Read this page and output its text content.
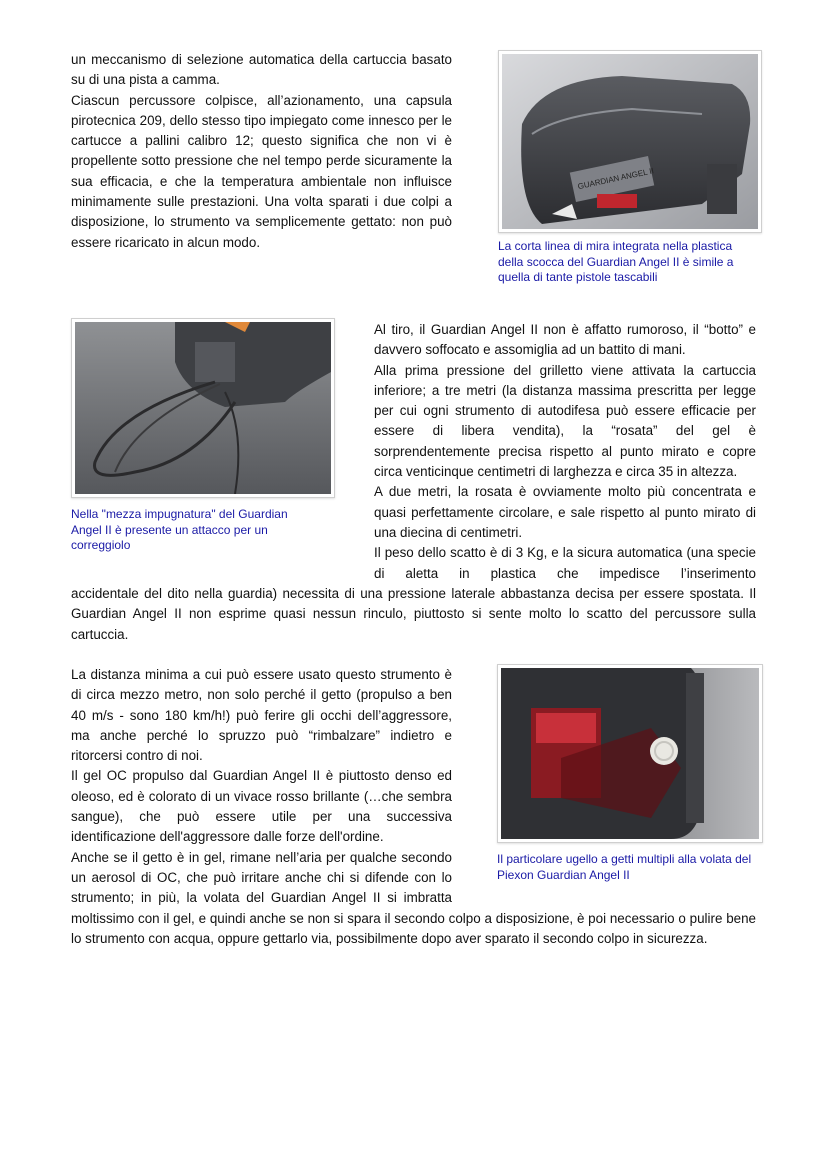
un meccanismo di selezione automatica della cartuccia basato su di una pista a camma.

Ciascun percussore colpisce, all’azionamento, una capsula pirotecnica 209, dello stesso tipo impiegato come innesco per le cartucce a pallini calibro 12; questo significa che non vi è propellente sotto pressione che nel tempo perde sicuramente la sua efficacia, e che la temperatura ambientale non influisce minimamente sulle prestazioni. Una volta sparati i due colpi a disposizione, lo strumento va semplicemente gettato: non può essere ricaricato in alcun modo.

GUARDIAN ANGEL II
La corta linea di mira integrata nella plastica della scocca del Guardian Angel II è simile a quella di tante pistole tascabili
Nella "mezza impugnatura" del Guardian Angel II è presente un attacco per un correggiolo

Al tiro, il Guardian Angel II non è affatto rumoroso, il “botto” e davvero soffocato e assomiglia ad un battito di mani.

Alla prima pressione del grilletto viene attivata la cartuccia inferiore; a tre metri (la distanza massima prescritta per legge per cui ogni strumento di autodifesa può essere efficacie per essere di libera vendita), la “rosata” del gel è sorprendentemente precisa rispetto al punto mirato e copre circa venticinque centimetri di larghezza e circa 35 in altezza.

A due metri, la rosata è ovviamente molto più concentrata e quasi perfettamente circolare, e sale rispetto al punto mirato di una diecina di centimetri.

Il peso dello scatto è di 3 Kg, e la sicura automatica (una specie di aletta in plastica che impedisce l’inserimento

accidentale del dito nella guardia) necessita di una pressione laterale abbastanza decisa per essere spostata. Il Guardian Angel II non esprime quasi nessun rinculo, piuttosto si sente molto lo scatto del percussore sulla cartuccia.

La distanza minima a cui può essere usato questo strumento è di circa mezzo metro, non solo perché il getto (propulso a ben 40 m/s - sono 180 km/h!) può ferire gli occhi dell’aggressore, ma anche perché lo spruzzo può “rimbalzare” indietro e ritorcersi contro di noi.

Il gel OC propulso dal Guardian Angel II è piuttosto denso ed oleoso, ed è colorato di un vivace rosso brillante (…che sembra sangue), che può essere utile per una successiva identificazione dell'aggressore dalle forze dell'ordine.

Anche se il getto è in gel, rimane nell’aria per qualche secondo un aerosol di OC, che può irritare anche chi si difende con lo strumento; in più, la volata del Guardian Angel II si imbratta

moltissimo con il gel, e quindi anche se non si spara il secondo colpo a disposizione, è poi necessario o pulire bene lo strumento con acqua, oppure gettarlo via, possibilmente dopo aver sparato il secondo colpo in sicurezza.

Il particolare ugello a getti multipli alla volata del Piexon Guardian Angel II
